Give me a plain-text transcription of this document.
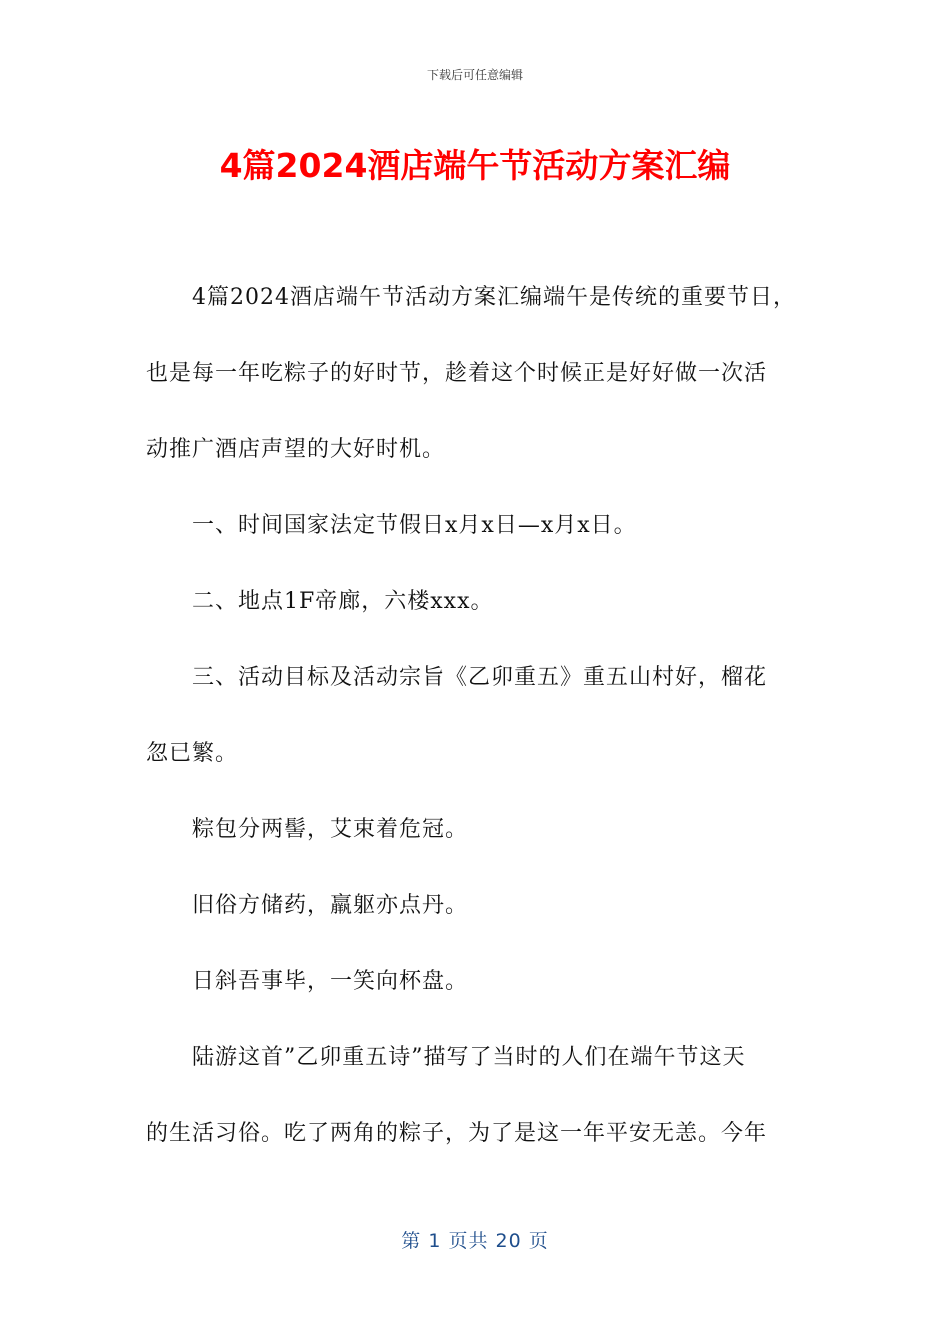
下载后可任意编辑
4篇2024酒店端午节活动方案汇编
4篇2024酒店端午节活动方案汇编端午是传统的重要节日，
也是每一年吃粽子的好时节，趁着这个时候正是好好做一次活
动推广酒店声望的大好时机。
一、时间国家法定节假日x月x日—x月x日。
二、地点1F帝廊，六楼xxx。
三、活动目标及活动宗旨《乙卯重五》重五山村好，榴花
忽已繁。
粽包分两髻，艾束着危冠。
旧俗方储药，羸躯亦点丹。
日斜吾事毕，一笑向杯盘。
陆游这首”乙卯重五诗”描写了当时的人们在端午节这天
的生活习俗。吃了两角的粽子，为了是这一年平安无恙。今年
第 1 页共 20 页
